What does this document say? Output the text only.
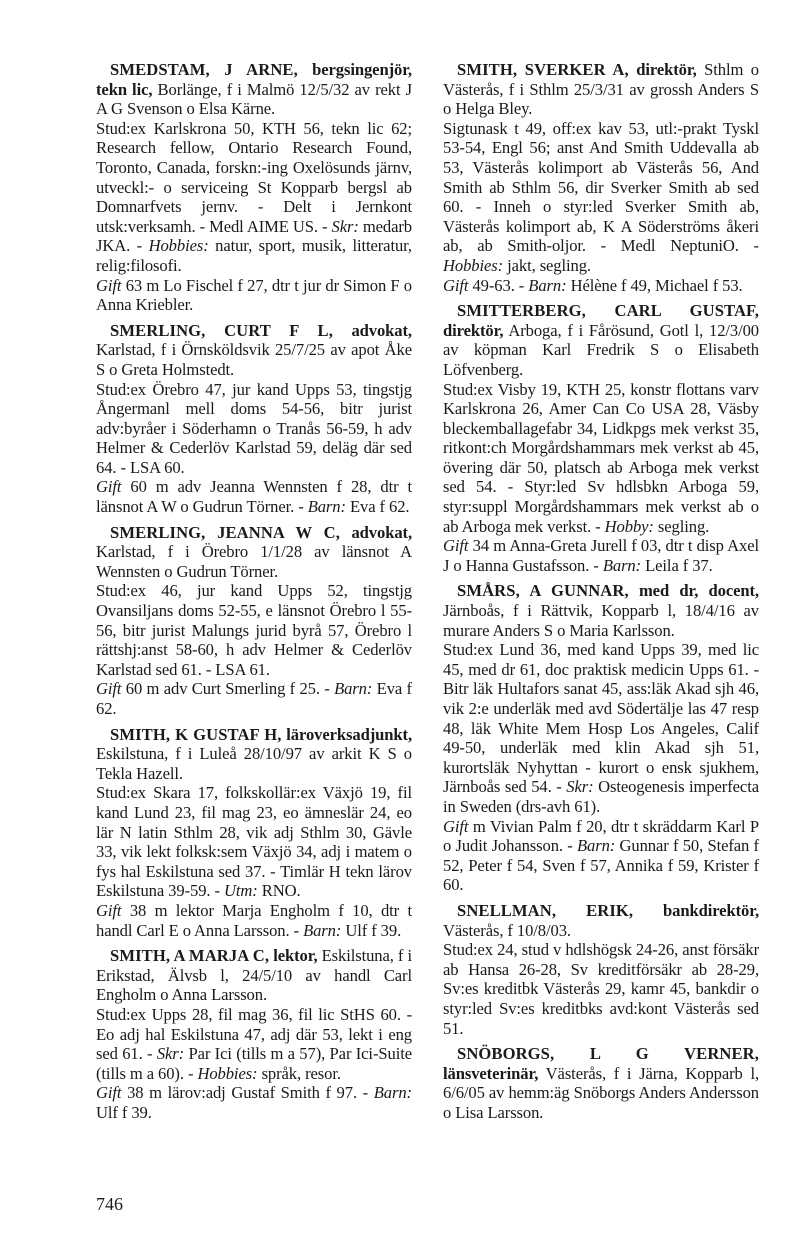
SMEDSTAM, J ARNE, bergsingenjör, tekn lic, Borlänge, f i Malmö 12/5/32 av rekt J A G Svenson o Elsa Kärne.

Stud:ex Karlskrona 50, KTH 56, tekn lic 62; Research fellow, Ontario Research Found, Toronto, Canada, forskn:-ing Oxelösunds järnv, utveckl:- o serviceing St Kopparb bergsl ab Domnarfvets jernv. - Delt i Jernkont utsk:verksamh. - Medl AIME US. - Skr: medarb JKA. - Hobbies: natur, sport, musik, litteratur, relig:filosofi.

Gift 63 m Lo Fischel f 27, dtr t jur dr Simon F o Anna Kriebler.

SMERLING, CURT F L, advokat, Karlstad, f i Örnsköldsvik 25/7/25 av apot Åke S o Greta Holmstedt.

Stud:ex Örebro 47, jur kand Upps 53, tingstjg Ångermanl mell doms 54-56, bitr jurist adv:byråer i Söderhamn o Tranås 56-59, h adv Helmer & Cederlöv Karlstad 59, deläg där sed 64. - LSA 60.

Gift 60 m adv Jeanna Wennsten f 28, dtr t länsnot A W o Gudrun Törner. - Barn: Eva f 62.

SMERLING, JEANNA W C, advokat, Karlstad, f i Örebro 1/1/28 av länsnot A Wennsten o Gudrun Törner.

Stud:ex 46, jur kand Upps 52, tingstjg Ovansiljans doms 52-55, e länsnot Örebro l 55-56, bitr jurist Malungs jurid byrå 57, Örebro l rättshj:anst 58-60, h adv Helmer & Cederlöv Karlstad sed 61. - LSA 61.

Gift 60 m adv Curt Smerling f 25. - Barn: Eva f 62.

SMITH, K GUSTAF H, läroverksadjunkt, Eskilstuna, f i Luleå 28/10/97 av arkit K S o Tekla Hazell.

Stud:ex Skara 17, folkskollär:ex Växjö 19, fil kand Lund 23, fil mag 23, eo ämneslär 24, eo lär N latin Sthlm 28, vik adj Sthlm 30, Gävle 33, vik lekt folksk:sem Växjö 34, adj i matem o fys hal Eskilstuna sed 37. - Timlär H tekn lärov Eskilstuna 39-59. - Utm: RNO.

Gift 38 m lektor Marja Engholm f 10, dtr t handl Carl E o Anna Larsson. - Barn: Ulf f 39.

SMITH, A MARJA C, lektor, Eskilstuna, f i Erikstad, Älvsb l, 24/5/10 av handl Carl Engholm o Anna Larsson.

Stud:ex Upps 28, fil mag 36, fil lic StHS 60. - Eo adj hal Eskilstuna 47, adj där 53, lekt i eng sed 61. - Skr: Par Ici (tills m a 57), Par Ici-Suite (tills m a 60). - Hobbies: språk, resor.

Gift 38 m lärov:adj Gustaf Smith f 97. - Barn: Ulf f 39.

SMITH, SVERKER A, direktör, Sthlm o Västerås, f i Sthlm 25/3/31 av grossh Anders S o Helga Bley.

Sigtunask t 49, off:ex kav 53, utl:-prakt Tyskl 53-54, Engl 56; anst And Smith Uddevalla ab 53, Västerås kolimport ab Västerås 56, And Smith ab Sthlm 56, dir Sverker Smith ab sed 60. - Inneh o styr:led Sverker Smith ab, Västerås kolimport ab, K A Söderströms åkeri ab, ab Smith-oljor. - Medl NeptuniO. - Hobbies: jakt, segling.

Gift 49-63. - Barn: Hélène f 49, Michael f 53.

SMITTERBERG, CARL GUSTAF, direktör, Arboga, f i Fårösund, Gotl l, 12/3/00 av köpman Karl Fredrik S o Elisabeth Löfvenberg.

Stud:ex Visby 19, KTH 25, konstr flottans varv Karlskrona 26, Amer Can Co USA 28, Väsby bleckemballagefabr 34, Lidkpgs mek verkst 35, ritkont:ch Morgårdshammars mek verkst ab 45, övering där 50, platsch ab Arboga mek verkst sed 54. - Styr:led Sv hdlsbkn Arboga 59, styr:suppl Morgårdshammars mek verkst ab o ab Arboga mek verkst. - Hobby: segling.

Gift 34 m Anna-Greta Jurell f 03, dtr t disp Axel J o Hanna Gustafsson. - Barn: Leila f 37.

SMÅRS, A GUNNAR, med dr, docent, Järnboås, f i Rättvik, Kopparb l, 18/4/16 av murare Anders S o Maria Karlsson.

Stud:ex Lund 36, med kand Upps 39, med lic 45, med dr 61, doc praktisk medicin Upps 61. - Bitr läk Hultafors sanat 45, ass:läk Akad sjh 46, vik 2:e underläk med avd Södertälje las 47 resp 48, läk White Mem Hosp Los Angeles, Calif 49-50, underläk med klin Akad sjh 51, kurortsläk Nyhyttan - kurort o ensk sjukhem, Järnboås sed 54. - Skr: Osteogenesis imperfecta in Sweden (drs-avh 61).

Gift m Vivian Palm f 20, dtr t skräddarm Karl P o Judit Johansson. - Barn: Gunnar f 50, Stefan f 52, Peter f 54, Sven f 57, Annika f 59, Krister f 60.

SNELLMAN, ERIK, bankdirektör, Västerås, f 10/8/03.

Stud:ex 24, stud v hdlshögsk 24-26, anst försäkr ab Hansa 26-28, Sv kreditförsäkr ab 28-29, Sv:es kreditbk Västerås 29, kamr 45, bankdir o styr:led Sv:es kreditbks avd:kont Västerås sed 51.

SNÖBORGS, L G VERNER, länsveterinär, Västerås, f i Järna, Kopparb l, 6/6/05 av hemm:äg Snöborgs Anders Andersson o Lisa Larsson.

746
